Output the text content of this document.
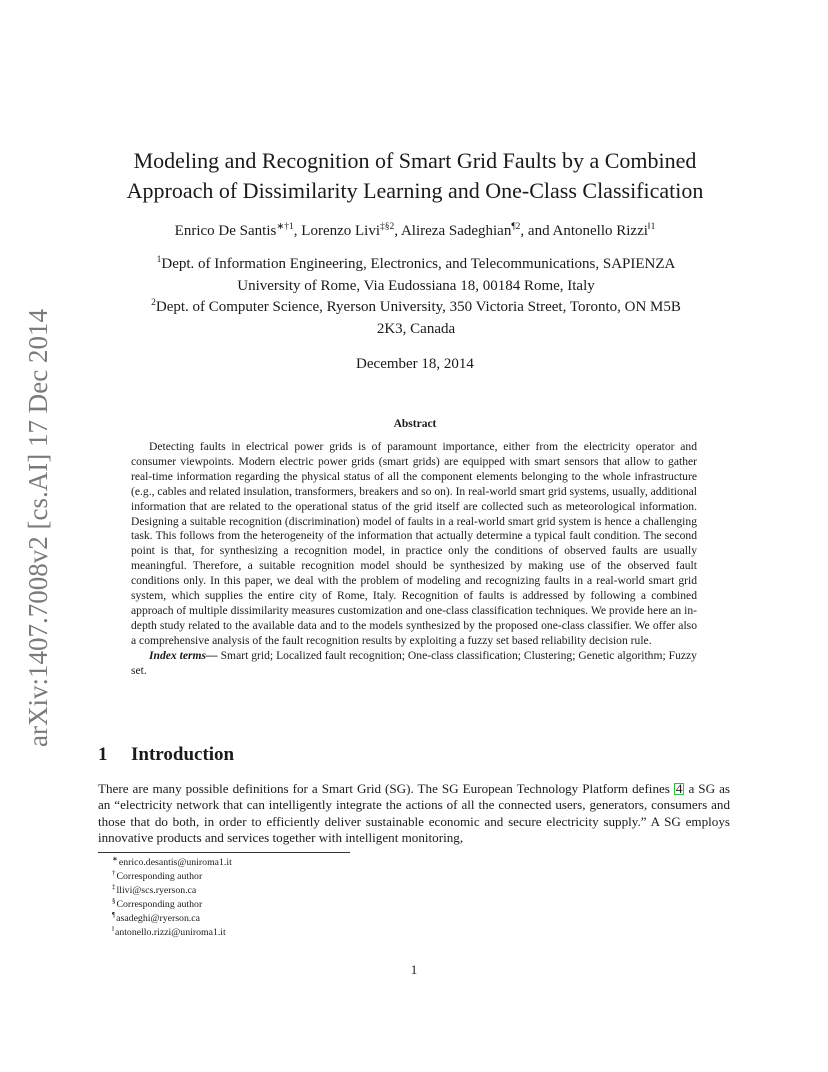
arXiv:1407.7008v2 [cs.AI] 17 Dec 2014
Modeling and Recognition of Smart Grid Faults by a Combined
Approach of Dissimilarity Learning and One-Class Classification
Enrico De Santis$^{∗\dagger 1}$, Lorenzo Livi$^{\ddagger\S 2}$, Alireza Sadeghian$^{\P 2}$, and Antonello Rizzi$^{‖1}$
$^1$Dept. of Information Engineering, Electronics, and Telecommunications, SAPIENZA
University of Rome, Via Eudossiana 18, 00184 Rome, Italy
$^2$Dept. of Computer Science, Ryerson University, 350 Victoria Street, Toronto, ON M5B
2K3, Canada
December 18, 2014
Abstract

Detecting faults in electrical power grids is of paramount importance, either from the electricity operator and consumer viewpoints. Modern electric power grids (smart grids) are equipped with smart sensors that allow to gather real-time information regarding the physical status of all the component elements belonging to the whole infrastructure (e.g., cables and related insulation, transformers, breakers and so on). In real-world smart grid systems, usually, additional information that are related to the operational status of the grid itself are collected such as meteorological information. Designing a suitable recognition (discrimination) model of faults in a real-world smart grid system is hence a challenging task. This follows from the heterogeneity of the information that actually determine a typical fault condition. The second point is that, for synthesizing a recognition model, in practice only the conditions of observed faults are usually meaningful. Therefore, a suitable recognition model should be synthesized by making use of the observed fault conditions only. In this paper, we deal with the problem of modeling and recognizing faults in a real-world smart grid system, which supplies the entire city of Rome, Italy. Recognition of faults is addressed by following a combined approach of multiple dissimilarity measures customization and one-class classification techniques. We provide here an in-depth study related to the available data and to the models synthesized by the proposed one-class classifier. We offer also a comprehensive analysis of the fault recognition results by exploiting a fuzzy set based reliability decision rule.

Index terms— Smart grid; Localized fault recognition; One-class classification; Clustering; Genetic algorithm; Fuzzy set.

1 Introduction

There are many possible definitions for a Smart Grid (SG). The SG European Technology Platform defines 4 a SG as an “electricity network that can intelligently integrate the actions of all the connected users, generators, consumers and those that do both, in order to efficiently deliver sustainable economic and secure electricity supply.” A SG employs innovative products and services together with intelligent monitoring,

∗enrico.desantis@uniroma1.it
†Corresponding author
‡llivi@scs.ryerson.ca
§Corresponding author
¶asadeghi@ryerson.ca
‖antonello.rizzi@uniroma1.it
1
